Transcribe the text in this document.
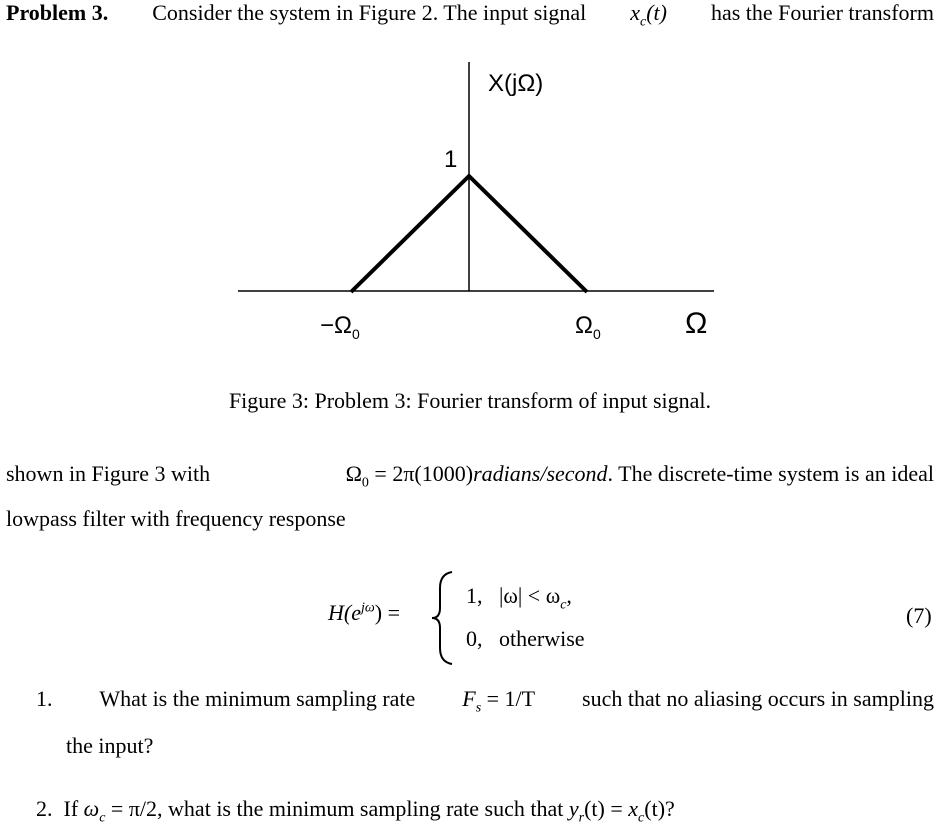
Problem 3. Consider the system in Figure 2. The input signal $x_c(t)$ has the Fourier transform
X(jΩ)
1
$-\Omega_0$	$\Omega_0$	Ω
Figure 3: Problem 3: Fourier transform of input signal.
shown in Figure 3 with	$\Omega_0$ = 2π(1000)radians/second. The discrete-time system is an ideal
lowpass filter with frequency response
$H(e^{j\omega})$ =
1, $|\omega| < \omega_c$,
0, otherwise
(7)
1. What is the minimum sampling rate $F_s = 1/T$ such that no aliasing occurs in sampling
the input?
2. If $\omega_c = \pi/2$, what is the minimum sampling rate such that $y_r(t) = x_c(t)$?
